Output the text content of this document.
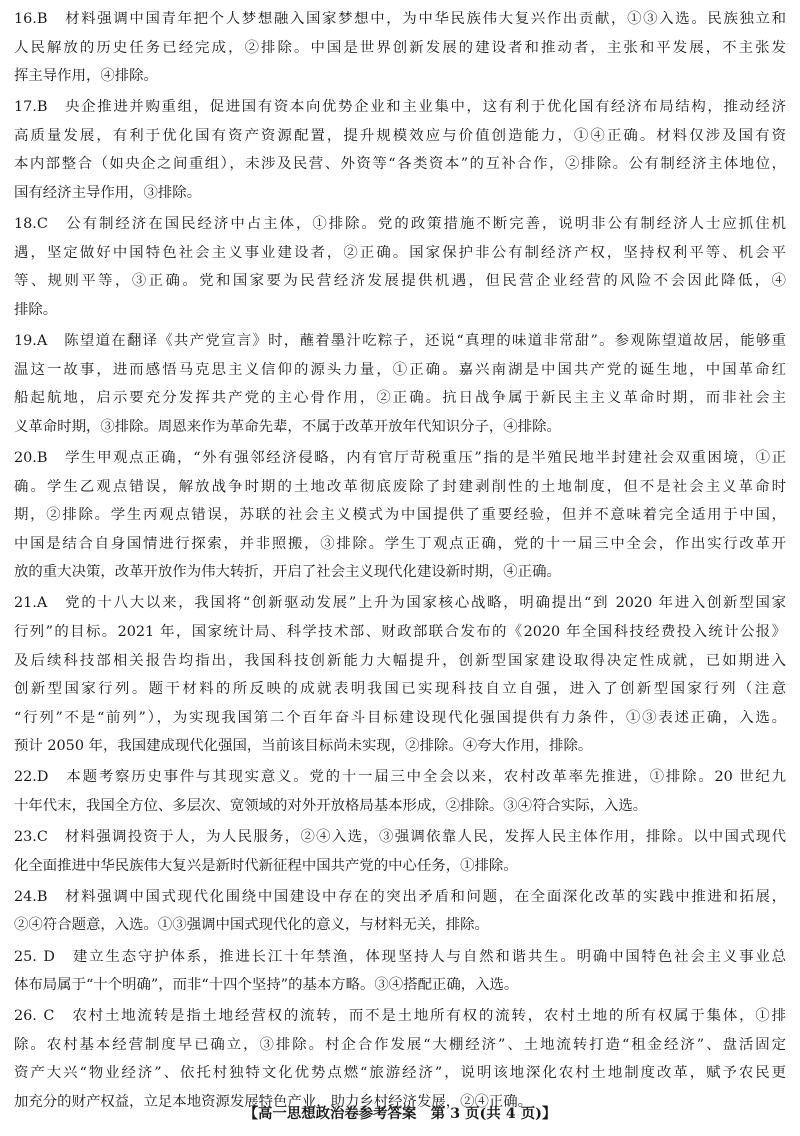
16.B　材料强调中国青年把个人梦想融入国家梦想中，为中华民族伟大复兴作出贡献，①③入选。民族独立和
人民解放的历史任务已经完成，②排除。中国是世界创新发展的建设者和推动者，主张和平发展，不主张发
挥主导作用，④排除。
17.B　央企推进并购重组，促进国有资本向优势企业和主业集中，这有利于优化国有经济布局结构，推动经济
高质量发展，有利于优化国有资产资源配置，提升规模效应与价值创造能力，①④正确。材料仅涉及国有资
本内部整合（如央企之间重组），未涉及民营、外资等“各类资本”的互补合作，②排除。公有制经济主体地位，
国有经济主导作用，③排除。
18.C　公有制经济在国民经济中占主体，①排除。党的政策措施不断完善，说明非公有制经济人士应抓住机
遇，坚定做好中国特色社会主义事业建设者，②正确。国家保护非公有制经济产权，坚持权利平等、机会平
等、规则平等，③正确。党和国家要为民营经济发展提供机遇，但民营企业经营的风险不会因此降低，④
排除。
19.A　陈望道在翻译《共产党宣言》时，蘸着墨汁吃粽子，还说“真理的味道非常甜”。参观陈望道故居，能够重
温这一故事，进而感悟马克思主义信仰的源头力量，①正确。嘉兴南湖是中国共产党的诞生地，中国革命红
船起航地，启示要充分发挥共产党的主心骨作用，②正确。抗日战争属于新民主主义革命时期，而非社会主
义革命时期，③排除。周恩来作为革命先辈，不属于改革开放年代知识分子，④排除。
20.B　学生甲观点正确，“外有强邻经济侵略，内有官厅苛税重压”指的是半殖民地半封建社会双重困境，①正
确。学生乙观点错误，解放战争时期的土地改革彻底废除了封建剥削性的土地制度，但不是社会主义革命时
期，②排除。学生丙观点错误，苏联的社会主义模式为中国提供了重要经验，但并不意味着完全适用于中国，
中国是结合自身国情进行探索，并非照搬，③排除。学生丁观点正确，党的十一届三中全会，作出实行改革开
放的重大决策，改革开放作为伟大转折，开启了社会主义现代化建设新时期，④正确。
21.A　党的十八大以来，我国将“创新驱动发展”上升为国家核心战略，明确提出“到 2020 年进入创新型国家
行列”的目标。2021 年，国家统计局、科学技术部、财政部联合发布的《2020 年全国科技经费投入统计公报》
及后续科技部相关报告均指出，我国科技创新能力大幅提升，创新型国家建设取得决定性成就，已如期进入
创新型国家行列。题干材料的所反映的成就表明我国已实现科技自立自强，进入了创新型国家行列（注意
“行列”不是“前列”），为实现我国第二个百年奋斗目标建设现代化强国提供有力条件，①③表述正确，入选。
预计 2050 年，我国建成现代化强国，当前该目标尚未实现，②排除。④夸大作用，排除。
22.D　本题考察历史事件与其现实意义。党的十一届三中全会以来，农村改革率先推进，①排除。20 世纪九
十年代末，我国全方位、多层次、宽领域的对外开放格局基本形成，②排除。③④符合实际，入选。
23.C　材料强调投资于人，为人民服务，②④入选，③强调依靠人民，发挥人民主体作用，排除。以中国式现代
化全面推进中华民族伟大复兴是新时代新征程中国共产党的中心任务，①排除。
24.B　材料强调中国式现代化围绕中国建设中存在的突出矛盾和问题，在全面深化改革的实践中推进和拓展，
②④符合题意，入选。①③强调中国式现代化的意义，与材料无关，排除。
25. D　建立生态守护体系，推进长江十年禁渔，体现坚持人与自然和谐共生。明确中国特色社会主义事业总
体布局属于“十个明确”，而非“十四个坚持”的基本方略。③④搭配正确，入选。
26. C　农村土地流转是指土地经营权的流转，而不是土地所有权的流转，农村土地的所有权属于集体，①排
除。农村基本经营制度早已确立，③排除。村企合作发展“大棚经济”、土地流转打造“租金经济”、盘活固定
资产大兴“物业经济”、依托村独特文化优势点燃“旅游经济”，说明该地深化农村土地制度改革，赋予农民更
加充分的财产权益，立足本地资源发展特色产业，助力乡村经济发展，②④正确。
【高一思想政治卷参考答案　第 3 页(共 4 页)】
